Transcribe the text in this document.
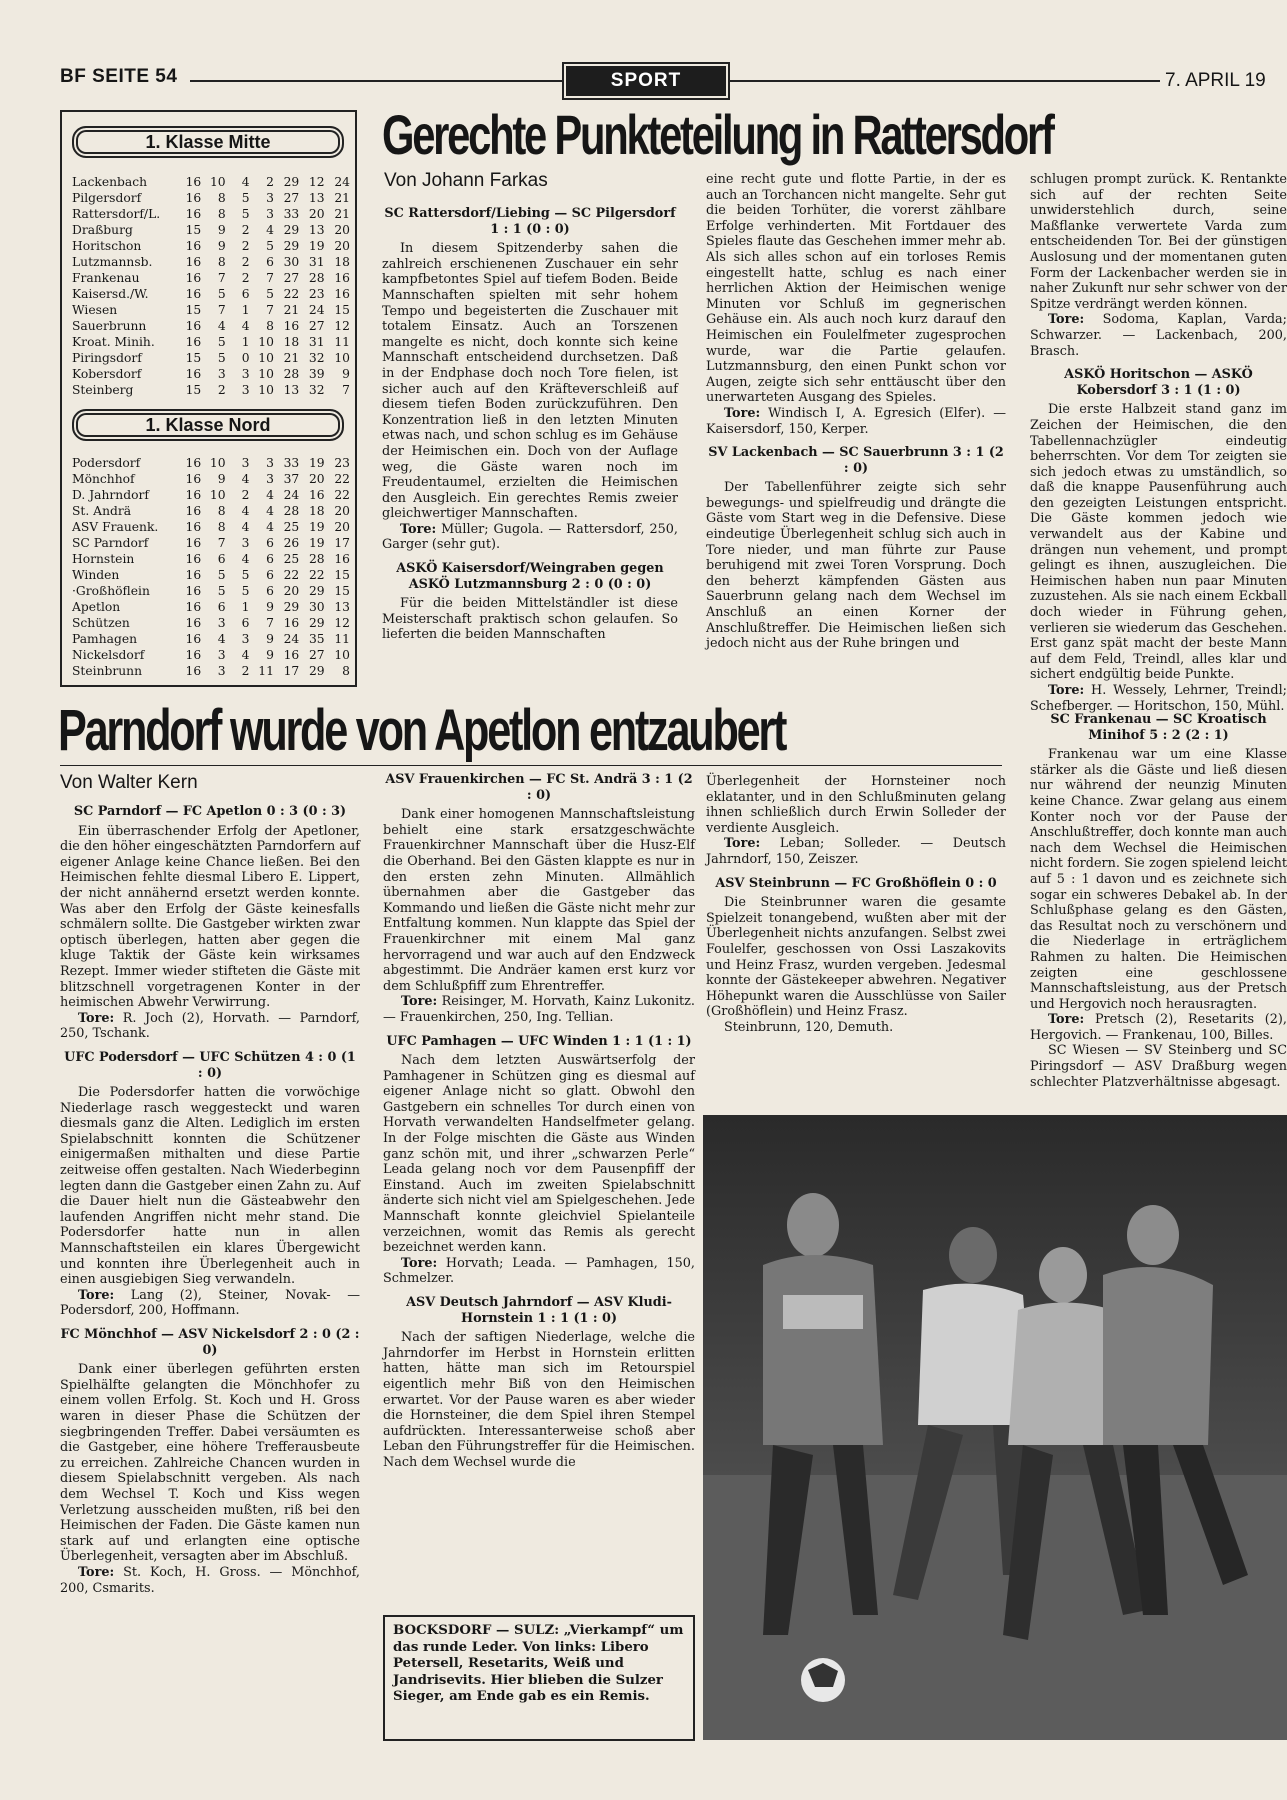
BF SEITE 54	SPORT	7. APRIL 19
1. Klasse Mitte
Lackenbach	16	10	4	2	29	12	24
Pilgersdorf	16	8	5	3	27	13	21
Rattersdorf/L.	16	8	5	3	33	20	21
Draßburg	15	9	2	4	29	13	20
Horitschon	16	9	2	5	29	19	20
Lutzmannsb.	16	8	2	6	30	31	18
Frankenau	16	7	2	7	27	28	16
Kaisersd./W.	16	5	6	5	22	23	16
Wiesen	15	7	1	7	21	24	15
Sauerbrunn	16	4	4	8	16	27	12
Kroat. Minih.	16	5	1	10	18	31	11
Piringsdorf	15	5	0	10	21	32	10
Kobersdorf	16	3	3	10	28	39	9
Steinberg	15	2	3	10	13	32	7
1. Klasse Nord
Podersdorf	16	10	3	3	33	19	23
Mönchhof	16	9	4	3	37	20	22
D. Jahrndorf	16	10	2	4	24	16	22
St. Andrä	16	8	4	4	28	18	20
ASV Frauenk.	16	8	4	4	25	19	20
SC Parndorf	16	7	3	6	26	19	17
Hornstein	16	6	4	6	25	28	16
Winden	16	5	5	6	22	22	15
·Großhöflein	16	5	5	6	20	29	15
Apetlon	16	6	1	9	29	30	13
Schützen	16	3	6	7	16	29	12
Pamhagen	16	4	3	9	24	35	11
Nickelsdorf	16	3	4	9	16	27	10
Steinbrunn	16	3	2	11	17	29	8
Gerechte Punkteteilung in Rattersdorf
Von Johann Farkas

SC Rattersdorf/Liebing — SC Pilgersdorf 1 : 1 (0 : 0)

In diesem Spitzenderby sahen die zahlreich erschienenen Zuschauer ein sehr kampfbetontes Spiel auf tiefem Boden. Beide Mannschaften spielten mit sehr hohem Tempo und begeisterten die Zuschauer mit totalem Einsatz. Auch an Torszenen mangelte es nicht, doch konnte sich keine Mannschaft entscheidend durchsetzen. Daß in der Endphase doch noch Tore fielen, ist sicher auch auf den Kräfteverschleiß auf diesem tiefen Boden zurückzuführen. Den Konzentration ließ in den letzten Minuten etwas nach, und schon schlug es im Gehäuse der Heimischen ein. Doch von der Auflage weg, die Gäste waren noch im Freudentaumel, erzielten die Heimischen den Ausgleich. Ein gerechtes Remis zweier gleichwertiger Mannschaften.

Tore: Müller; Gugola. — Rattersdorf, 250, Garger (sehr gut).

ASKÖ Kaisersdorf/Weingraben gegen ASKÖ Lutzmannsburg 2 : 0 (0 : 0)

Für die beiden Mittelständler ist diese Meisterschaft praktisch schon gelaufen. So lieferten die beiden Mannschaften

eine recht gute und flotte Partie, in der es auch an Torchancen nicht mangelte. Sehr gut die beiden Torhüter, die vorerst zählbare Erfolge verhinderten. Mit Fortdauer des Spieles flaute das Geschehen immer mehr ab. Als sich alles schon auf ein torloses Remis eingestellt hatte, schlug es nach einer herrlichen Aktion der Heimischen wenige Minuten vor Schluß im gegnerischen Gehäuse ein. Als auch noch kurz darauf den Heimischen ein Foulelfmeter zugesprochen wurde, war die Partie gelaufen. Lutzmannsburg, den einen Punkt schon vor Augen, zeigte sich sehr enttäuscht über den unerwarteten Ausgang des Spieles.

Tore: Windisch I, A. Egresich (Elfer). — Kaisersdorf, 150, Kerper.

SV Lackenbach — SC Sauerbrunn 3 : 1 (2 : 0)

Der Tabellenführer zeigte sich sehr bewegungs- und spielfreudig und drängte die Gäste vom Start weg in die Defensive. Diese eindeutige Überlegenheit schlug sich auch in Tore nieder, und man führte zur Pause beruhigend mit zwei Toren Vorsprung. Doch den beherzt kämpfenden Gästen aus Sauerbrunn gelang nach dem Wechsel im Anschluß an einen Korner der Anschlußtreffer. Die Heimischen ließen sich jedoch nicht aus der Ruhe bringen und

schlugen prompt zurück. K. Rentankte sich auf der rechten Seite unwiderstehlich durch, seine Maßflanke verwertete Varda zum entscheidenden Tor. Bei der günstigen Auslosung und der momentanen guten Form der Lackenbacher werden sie in naher Zukunft nur sehr schwer von der Spitze verdrängt werden können.

Tore: Sodoma, Kaplan, Varda; Schwarzer. — Lackenbach, 200, Brasch.

ASKÖ Horitschon — ASKÖ Kobersdorf 3 : 1 (1 : 0)

Die erste Halbzeit stand ganz im Zeichen der Heimischen, die den Tabellennachzügler eindeutig beherrschten. Vor dem Tor zeigten sie sich jedoch etwas zu umständlich, so daß die knappe Pausenführung auch den gezeigten Leistungen entspricht. Die Gäste kommen jedoch wie verwandelt aus der Kabine und drängen nun vehement, und prompt gelingt es ihnen, auszugleichen. Die Heimischen haben nun paar Minuten zuzustehen. Als sie nach einem Eckball doch wieder in Führung gehen, verlieren sie wiederum das Geschehen. Erst ganz spät macht der beste Mann auf dem Feld, Treindl, alles klar und sichert endgültig beide Punkte.

Tore: H. Wessely, Lehrner, Treindl; Schefberger. — Horitschon, 150, Mühl.

Parndorf wurde von Apetlon entzaubert
Von Walter Kern

SC Parndorf — FC Apetlon 0 : 3 (0 : 3)

Ein überraschender Erfolg der Apetloner, die den höher eingeschätzten Parndorfern auf eigener Anlage keine Chance ließen. Bei den Heimischen fehlte diesmal Libero E. Lippert, der nicht annähernd ersetzt werden konnte. Was aber den Erfolg der Gäste keinesfalls schmälern sollte. Die Gastgeber wirkten zwar optisch überlegen, hatten aber gegen die kluge Taktik der Gäste kein wirksames Rezept. Immer wieder stifteten die Gäste mit blitzschnell vorgetragenen Konter in der heimischen Abwehr Verwirrung.

Tore: R. Joch (2), Horvath. — Parndorf, 250, Tschank.

UFC Podersdorf — UFC Schützen 4 : 0 (1 : 0)

Die Podersdorfer hatten die vorwöchige Niederlage rasch weggesteckt und waren diesmals ganz die Alten. Lediglich im ersten Spielabschnitt konnten die Schützener einigermaßen mithalten und diese Partie zeitweise offen gestalten. Nach Wiederbeginn legten dann die Gastgeber einen Zahn zu. Auf die Dauer hielt nun die Gästeabwehr den laufenden Angriffen nicht mehr stand. Die Podersdorfer hatte nun in allen Mannschaftsteilen ein klares Übergewicht und konnten ihre Überlegenheit auch in einen ausgiebigen Sieg verwandeln.

Tore: Lang (2), Steiner, Novak- — Podersdorf, 200, Hoffmann.

FC Mönchhof — ASV Nickelsdorf 2 : 0 (2 : 0)

Dank einer überlegen geführten ersten Spielhälfte gelangten die Mönchhofer zu einem vollen Erfolg. St. Koch und H. Gross waren in dieser Phase die Schützen der siegbringenden Treffer. Dabei versäumten es die Gastgeber, eine höhere Trefferausbeute zu erreichen. Zahlreiche Chancen wurden in diesem Spielabschnitt vergeben. Als nach dem Wechsel T. Koch und Kiss wegen Verletzung ausscheiden mußten, riß bei den Heimischen der Faden. Die Gäste kamen nun stark auf und erlangten eine optische Überlegenheit, versagten aber im Abschluß.

Tore: St. Koch, H. Gross. — Mönchhof, 200, Csmarits.

ASV Frauenkirchen — FC St. Andrä 3 : 1 (2 : 0)

Dank einer homogenen Mannschaftsleistung behielt eine stark ersatzgeschwächte Frauenkirchner Mannschaft über die Husz-Elf die Oberhand. Bei den Gästen klappte es nur in den ersten zehn Minuten. Allmählich übernahmen aber die Gastgeber das Kommando und ließen die Gäste nicht mehr zur Entfaltung kommen. Nun klappte das Spiel der Frauenkirchner mit einem Mal ganz hervorragend und war auch auf den Endzweck abgestimmt. Die Andräer kamen erst kurz vor dem Schlußpfiff zum Ehrentreffer.

Tore: Reisinger, M. Horvath, Kainz Lukonitz. — Frauenkirchen, 250, Ing. Tellian.

UFC Pamhagen — UFC Winden 1 : 1 (1 : 1)

Nach dem letzten Auswärtserfolg der Pamhagener in Schützen ging es diesmal auf eigener Anlage nicht so glatt. Obwohl den Gastgebern ein schnelles Tor durch einen von Horvath verwandelten Handselfmeter gelang. In der Folge mischten die Gäste aus Winden ganz schön mit, und ihrer „schwarzen Perle“ Leada gelang noch vor dem Pausenpfiff der Einstand. Auch im zweiten Spielabschnitt änderte sich nicht viel am Spielgeschehen. Jede Mannschaft konnte gleichviel Spielanteile verzeichnen, womit das Remis als gerecht bezeichnet werden kann.

Tore: Horvath; Leada. — Pamhagen, 150, Schmelzer.

ASV Deutsch Jahrndorf — ASV Kludi-Hornstein 1 : 1 (1 : 0)

Nach der saftigen Niederlage, welche die Jahrndorfer im Herbst in Hornstein erlitten hatten, hätte man sich im Retourspiel eigentlich mehr Biß von den Heimischen erwartet. Vor der Pause waren es aber wieder die Hornsteiner, die dem Spiel ihren Stempel aufdrückten. Interessanterweise schoß aber Leban den Führungstreffer für die Heimischen. Nach dem Wechsel wurde die

Überlegenheit der Hornsteiner noch eklatanter, und in den Schlußminuten gelang ihnen schließlich durch Erwin Solleder der verdiente Ausgleich.

Tore: Leban; Solleder. — Deutsch Jahrndorf, 150, Zeiszer.

ASV Steinbrunn — FC Großhöflein 0 : 0

Die Steinbrunner waren die gesamte Spielzeit tonangebend, wußten aber mit der Überlegenheit nichts anzufangen. Selbst zwei Foulelfer, geschossen von Ossi Laszakovits und Heinz Frasz, wurden vergeben. Jedesmal konnte der Gästekeeper abwehren. Negativer Höhepunkt waren die Ausschlüsse von Sailer (Großhöflein) und Heinz Frasz.

Steinbrunn, 120, Demuth.

SC Frankenau — SC Kroatisch Minihof 5 : 2 (2 : 1)

Frankenau war um eine Klasse stärker als die Gäste und ließ diesen nur während der neunzig Minuten keine Chance. Zwar gelang aus einem Konter noch vor der Pause der Anschlußtreffer, doch konnte man auch nach dem Wechsel die Heimischen nicht fordern. Sie zogen spielend leicht auf 5 : 1 davon und es zeichnete sich sogar ein schweres Debakel ab. In der Schlußphase gelang es den Gästen, das Resultat noch zu verschönern und die Niederlage in erträglichem Rahmen zu halten. Die Heimischen zeigten eine geschlossene Mannschaftsleistung, aus der Pretsch und Hergovich noch herausragten.

Tore: Pretsch (2), Resetarits (2), Hergovich. — Frankenau, 100, Billes.

SC Wiesen — SV Steinberg und SC Piringsdorf — ASV Draßburg wegen schlechter Platzverhältnisse abgesagt.

BOCKSDORF — SULZ: „Vierkampf“ um das runde Leder. Von links: Libero Petersell, Resetarits, Weiß und Jandrisevits. Hier blieben die Sulzer Sieger, am Ende gab es ein Remis.
